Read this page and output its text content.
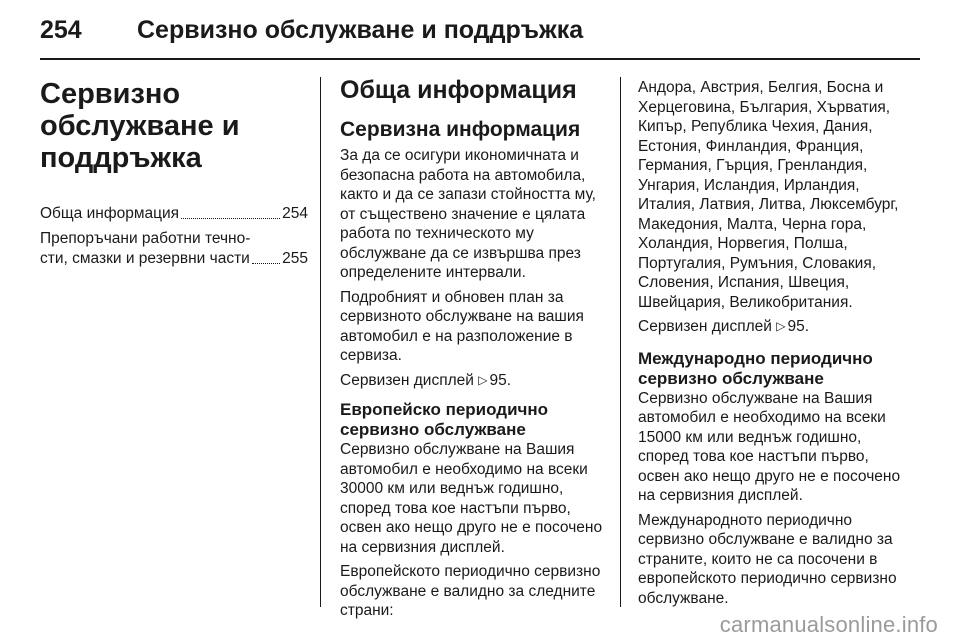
254 Сервизно обслужване и поддръжка
Сервизно обслужване и поддръжка
Обща информация	254
Препоръчани работни течно-
сти, смазки и резервни части 255
Обща информация
Сервизна информация

За да се осигури икономичната и безопасна работа на автомобила, както и да се запази стойността му, от съществено значение е цялата работа по техническото му обслужване да се извършва през определените интервали.

Подробният и обновен план за сервизното обслужване на вашия автомобил е на разположение в сервиза.

Сервизен дисплей ▷ 95.

Европейско периодично сервизно обслужване

Сервизно обслужване на Вашия автомобил е необходимо на всеки 30000 км или веднъж годишно, според това кое настъпи първо, освен ако нещо друго не е посочено на сервизния дисплей.

Европейското периодично сервизно обслужване е валидно за следните страни:

Андора, Австрия, Белгия, Босна и Херцеговина, България, Хърватия, Кипър, Република Чехия, Дания, Естония, Финландия, Франция, Германия, Гърция, Гренландия, Унгария, Исландия, Ирландия, Италия, Латвия, Литва, Люксембург, Македония, Малта, Черна гора, Холандия, Норвегия, Полша, Португалия, Румъния, Словакия, Словения, Испания, Швеция, Швейцария, Великобритания.

Сервизен дисплей ▷ 95.

Международно периодично сервизно обслужване

Сервизно обслужване на Вашия автомобил е необходимо на всеки 15000 км или веднъж годишно, според това кое настъпи първо, освен ако нещо друго не е посочено на сервизния дисплей.

Международното периодично сервизно обслужване е валидно за страните, които не са посочени в европейското периодично сервизно обслужване.

carmanualsonline.info
